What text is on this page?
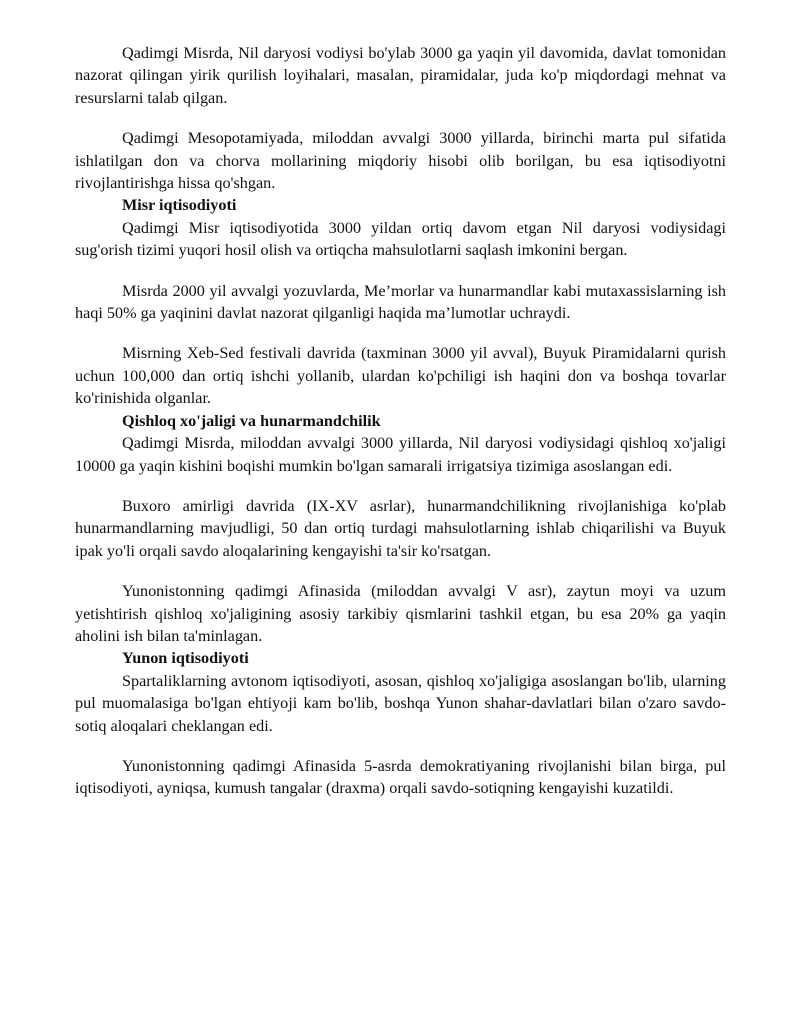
Qadimgi Misrda, Nil daryosi vodiysi bo'ylab 3000 ga yaqin yil davomida, davlat tomonidan nazorat qilingan yirik qurilish loyihalari, masalan, piramidalar, juda ko'p miqdordagi mehnat va resurslarni talab qilgan.

Qadimgi Mesopotamiyada, miloddan avvalgi 3000 yillarda, birinchi marta pul sifatida ishlatilgan don va chorva mollarining miqdoriy hisobi olib borilgan, bu esa iqtisodiyotni rivojlantirishga hissa qo'shgan.

Misr iqtisodiyoti

Qadimgi Misr iqtisodiyotida 3000 yildan ortiq davom etgan Nil daryosi vodiysidagi sug'orish tizimi yuqori hosil olish va ortiqcha mahsulotlarni saqlash imkonini bergan.

Misrda 2000 yil avvalgi yozuvlarda, Me’morlar va hunarmandlar kabi mutaxassislarning ish haqi 50% ga yaqinini davlat nazorat qilganligi haqida ma’lumotlar uchraydi.

Misrning Xeb-Sed festivali davrida (taxminan 3000 yil avval), Buyuk Piramidalarni qurish uchun 100,000 dan ortiq ishchi yollanib, ulardan ko'pchiligi ish haqini don va boshqa tovarlar ko'rinishida olganlar.

Qishloq xo'jaligi va hunarmandchilik

Qadimgi Misrda, miloddan avvalgi 3000 yillarda, Nil daryosi vodiysidagi qishloq xo'jaligi 10000 ga yaqin kishini boqishi mumkin bo'lgan samarali irrigatsiya tizimiga asoslangan edi.

Buxoro amirligi davrida (IX-XV asrlar), hunarmandchilikning rivojlanishiga ko'plab hunarmandlarning mavjudligi, 50 dan ortiq turdagi mahsulotlarning ishlab chiqarilishi va Buyuk ipak yo'li orqali savdo aloqalarining kengayishi ta'sir ko'rsatgan.

Yunonistonning qadimgi Afinasida (miloddan avvalgi V asr), zaytun moyi va uzum yetishtirish qishloq xo'jaligining asosiy tarkibiy qismlarini tashkil etgan, bu esa 20% ga yaqin aholini ish bilan ta'minlagan.

Yunon iqtisodiyoti

Spartaliklarning avtonom iqtisodiyoti, asosan, qishloq xo'jaligiga asoslangan bo'lib, ularning pul muomalasiga bo'lgan ehtiyoji kam bo'lib, boshqa Yunon shahar-davlatlari bilan o'zaro savdo-sotiq aloqalari cheklangan edi.

Yunonistonning qadimgi Afinasida 5-asrda demokratiyaning rivojlanishi bilan birga, pul iqtisodiyoti, ayniqsa, kumush tangalar (draxma) orqali savdo-sotiqning kengayishi kuzatildi.
